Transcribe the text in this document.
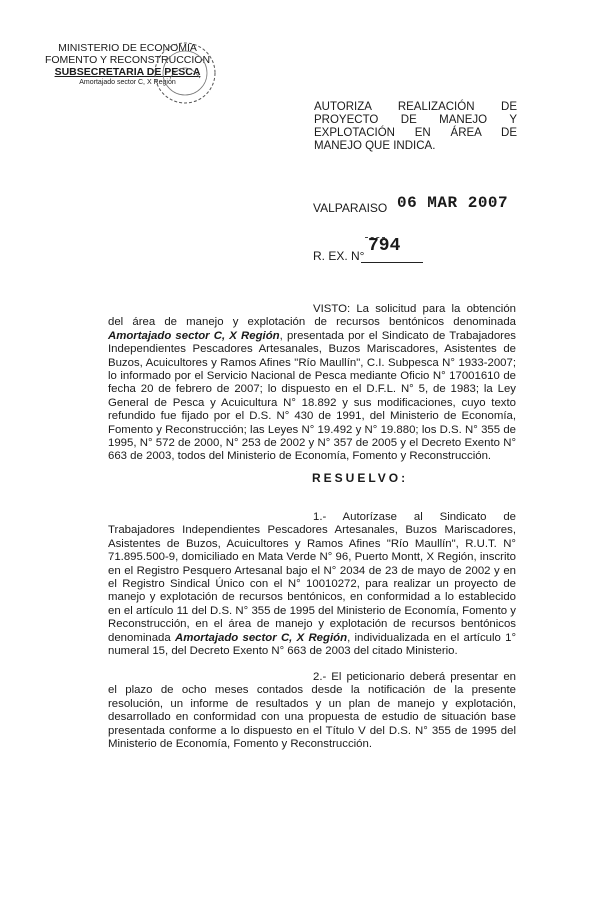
MINISTERIO DE ECONOMIA
FOMENTO Y RECONSTRUCCION
SUBSECRETARIA DE PESCA
Amortajado sector C, X Región
AUTORIZA REALIZACIÓN DE PROYECTO DE MANEJO Y EXPLOTACIÓN EN ÁREA DE MANEJO QUE INDICA.
VALPARAISO 06 MAR 2007
R. EX. N° 794
VISTO: La solicitud para la obtención del área de manejo y explotación de recursos bentónicos denominada Amortajado sector C, X Región, presentada por el Sindicato de Trabajadores Independientes Pescadores Artesanales, Buzos Mariscadores, Asistentes de Buzos, Acuicultores y Ramos Afines "Río Maullín", C.I. Subpesca N° 1933-2007; lo informado por el Servicio Nacional de Pesca mediante Oficio N° 17001610 de fecha 20 de febrero de 2007; lo dispuesto en el D.F.L. N° 5, de 1983; la Ley General de Pesca y Acuicultura N° 18.892 y sus modificaciones, cuyo texto refundido fue fijado por el D.S. N° 430 de 1991, del Ministerio de Economía, Fomento y Reconstrucción; las Leyes N° 19.492 y N° 19.880; los D.S. N° 355 de 1995, N° 572 de 2000, N° 253 de 2002 y N° 357 de 2005 y el Decreto Exento N° 663 de 2003, todos del Ministerio de Economía, Fomento y Reconstrucción.
RESUELVO:
1.- Autorízase al Sindicato de Trabajadores Independientes Pescadores Artesanales, Buzos Mariscadores, Asistentes de Buzos, Acuicultores y Ramos Afines "Río Maullín", R.U.T. N° 71.895.500-9, domiciliado en Mata Verde N° 96, Puerto Montt, X Región, inscrito en el Registro Pesquero Artesanal bajo el N° 2034 de 23 de mayo de 2002 y en el Registro Sindical Único con el N° 10010272, para realizar un proyecto de manejo y explotación de recursos bentónicos, en conformidad a lo establecido en el artículo 11 del D.S. N° 355 de 1995 del Ministerio de Economía, Fomento y Reconstrucción, en el área de manejo y explotación de recursos bentónicos denominada Amortajado sector C, X Región, individualizada en el artículo 1° numeral 15, del Decreto Exento N° 663 de 2003 del citado Ministerio.
2.- El peticionario deberá presentar en el plazo de ocho meses contados desde la notificación de la presente resolución, un informe de resultados y un plan de manejo y explotación, desarrollado en conformidad con una propuesta de estudio de situación base presentada conforme a lo dispuesto en el Título V del D.S. N° 355 de 1995 del Ministerio de Economía, Fomento y Reconstrucción.
